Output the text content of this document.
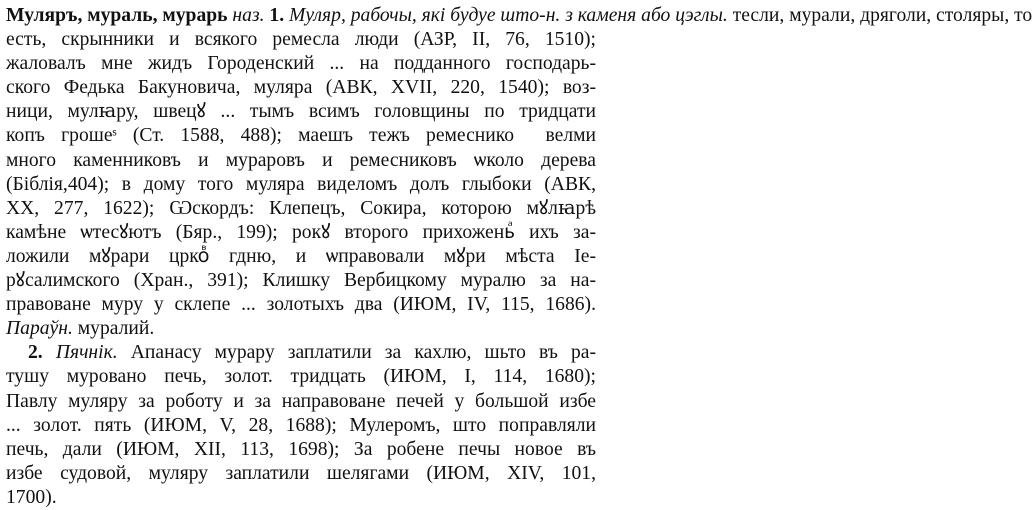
Муляръ, мураль, мурарь наз. 1. Муляр, рабочы, які будуе што-н. з каменя або цэглы. тесли, мурали, дряголи, столяры, то
есть, скрынники и всякого ремесла люди (АЗР, II, 76, 1510);
жаловалъ мне жидъ Городенский ... на подданного господарь-
ского Федька Бакуновича, муляра (АВК, XVII, 220, 1540); воз-
ници, мулꙗру, швецꙋ ... тымъ всимъ головщины по тридцати
копъ грошеˢ (Ст. 1588, 488); маешъ тежъ ремесникоⷡ велми
много каменниковъ и мураровъ и ремесниковъ ѡколо дерева
(Біблія,404); в дому того муляра виделомъ долъ глыбоки (АВК,
XX, 277, 1622); Ѡскордъ: Клепецъ, Сокира, которою мꙋлꙗрѣ
камѣне ѡтесꙋютъ (Бяр., 199); рокꙋ второго прихоженьⷶ ихъ за-
ложили мꙋрари цркоⷡ гдню, и ѡправовали мꙋри мѣста Іе-
рꙋсалимского (Хран., 391); Клишку Вербицкому муралю за на-
правоване муру у склепе ... золотыхъ два (ИЮМ, IV, 115, 1686).
Параўн. муралий.
2. Пячнік. Апанасу мурару заплатили за кахлю, шьто въ ра-
тушу муровано печь, золот. тридцать (ИЮМ, I, 114, 1680);
Павлу муляру за роботу и за направоване печей у большой избе
... золот. пять (ИЮМ, V, 28, 1688); Мулеромъ, што поправляли
печь, дали (ИЮМ, XII, 113, 1698); За робене печы новое въ
избе судовой, муляру заплатили шелягами (ИЮМ, XIV, 101,
1700).
